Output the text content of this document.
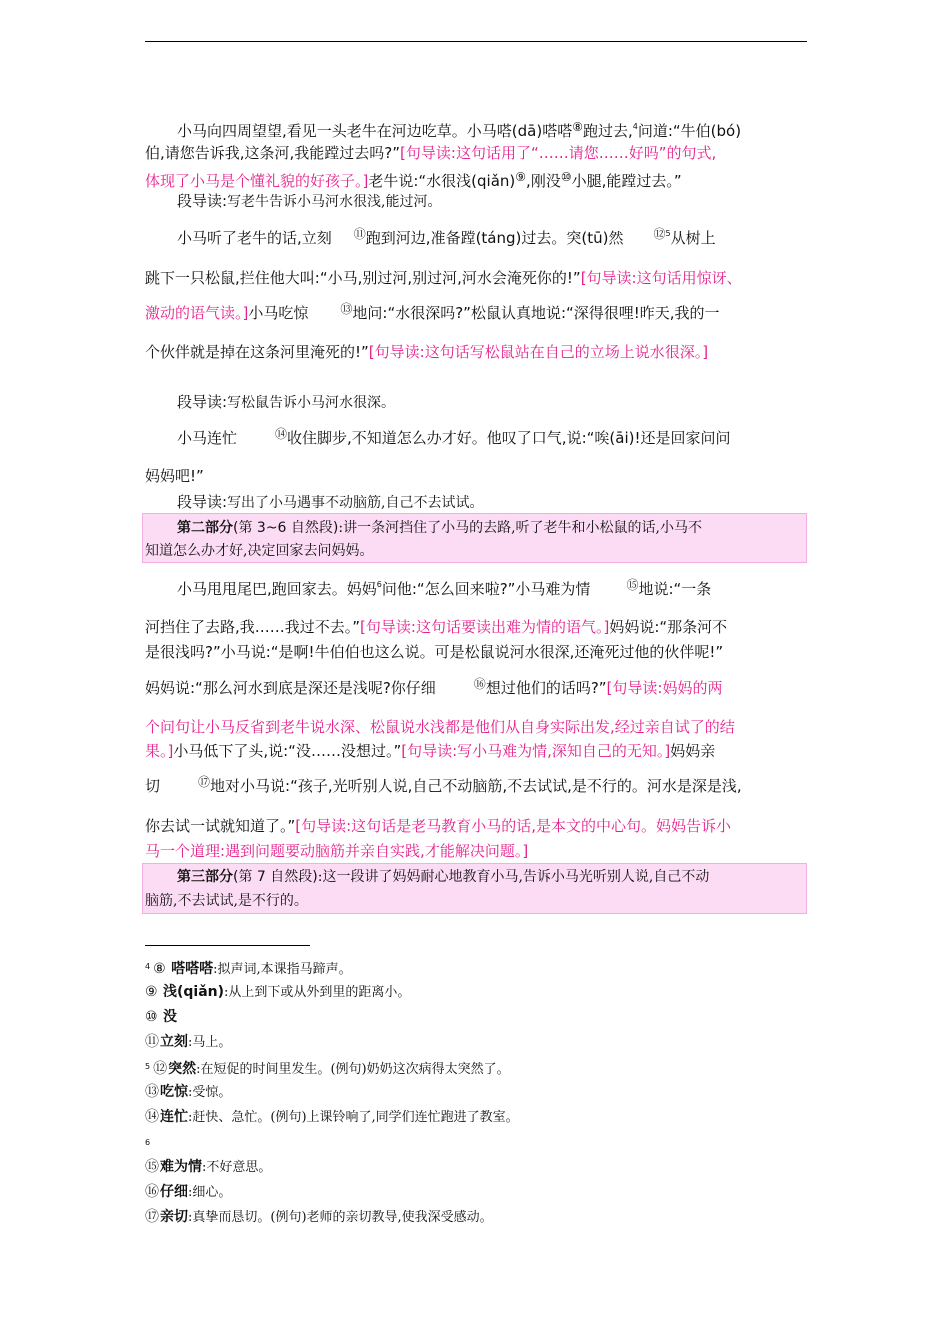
小马向四周望望,看见一头老牛在河边吃草。小马嗒(dā)嗒嗒⑧跑过去,$^4$问道:“牛伯(bó)
伯,请您告诉我,这条河,我能蹚过去吗?”[句导读:这句话用了“……请您……好吗”的句式,
体现了小马是个懂礼貌的好孩子。]老牛说:“水很浅(qiǎn)⑨,刚没⑩小腿,能蹚过去。”
段导读:写老牛告诉小马河水很浅,能过河。
小马听了老牛的话,立刻 ⑪跑到河边,准备蹚(táng)过去。突(tū)然	$^{⑫5}$从树上
跳下一只松鼠,拦住他大叫:“小马,别过河,别过河,河水会淹死你的!”[句导读:这句话用惊讶、
激动的语气读。]小马吃惊	⑬地问:“水很深吗?”松鼠认真地说:“深得很哩!昨天,我的一
个伙伴就是掉在这条河里淹死的!”[句导读:这句话写松鼠站在自己的立场上说水很深。]
段导读:写松鼠告诉小马河水很深。
小马连忙	⑭收住脚步,不知道怎么办才好。他叹了口气,说:“唉(āi)!还是回家问问
妈妈吧!”
段导读:写出了小马遇事不动脑筋,自己不去试试。
第二部分(第 3~6 自然段):讲一条河挡住了小马的去路,听了老牛和小松鼠的话,小马不
知道怎么办才好,决定回家去问妈妈。
小马甩甩尾巴,跑回家去。妈妈$^6$问他:“怎么回来啦?”小马难为情	⑮地说:“一条
河挡住了去路,我……我过不去。”[句导读:这句话要读出难为情的语气。]妈妈说:“那条河不
是很浅吗?”小马说:“是啊!牛伯伯也这么说。可是松鼠说河水很深,还淹死过他的伙伴呢!”
妈妈说:“那么河水到底是深还是浅呢?你仔细	⑯想过他们的话吗?”[句导读:妈妈的两
个问句让小马反省到老牛说水深、松鼠说水浅都是他们从自身实际出发,经过亲自试了的结
果。]小马低下了头,说:“没……没想过。”[句导读:写小马难为情,深知自己的无知。]妈妈亲
切	⑰地对小马说:“孩子,光听别人说,自己不动脑筋,不去试试,是不行的。河水是深是浅,
你去试一试就知道了。”[句导读:这句话是老马教育小马的话,是本文的中心句。妈妈告诉小
马一个道理:遇到问题要动脑筋并亲自实践,才能解决问题。]
第三部分(第 7 自然段):这一段讲了妈妈耐心地教育小马,告诉小马光听别人说,自己不动
脑筋,不去试试,是不行的。
$^4$ ⑧ 嗒嗒嗒:拟声词,本课指马蹄声。
⑨ 浅(qiǎn):从上到下或从外到里的距离小。
⑩ 没
⑪立刻:马上。
$^5$ ⑫突然:在短促的时间里发生。(例句)奶奶这次病得太突然了。
⑬吃惊:受惊。
⑭连忙:赶快、急忙。(例句)上课铃响了,同学们连忙跑进了教室。
$^6$
⑮难为情:不好意思。
⑯仔细:细心。
⑰亲切:真挚而恳切。(例句)老师的亲切教导,使我深受感动。
